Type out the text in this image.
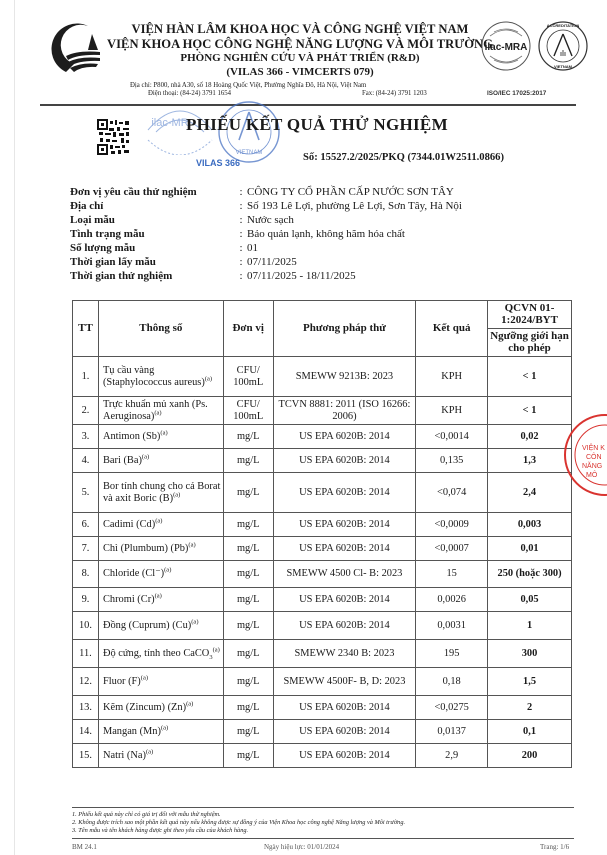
VIỆN HÀN LÂM KHOA HỌC VÀ CÔNG NGHỆ VIỆT NAM
VIỆN KHOA HỌC CÔNG NGHỆ NĂNG LƯỢNG VÀ MÔI TRƯỜNG
PHÒNG NGHIÊN CỨU VÀ PHÁT TRIỂN (R&D)
(VILAS 366 - VIMCERTS 079)
Địa chỉ: P800, nhà A30, số 18 Hoàng Quốc Việt, Phường Nghĩa Đô, Hà Nội, Việt Nam
Điện thoại: (84-24) 3791 1654	Fax: (84-24) 3791 1203
ilac-MRA
ACCREDITATION
VIETNAM
ISO/IEC 17025:2017
ilac-MR
VIETNAM
VILAS 366
PHIẾU KẾT QUẢ THỬ NGHIỆM
Số: 15527.2/2025/PKQ (7344.01W2511.0866)
Đơn vị yêu cầu thử nghiệm	: CÔNG TY CỔ PHẦN CẤP NƯỚC SƠN TÂY
Địa chỉ	: Số 193 Lê Lợi, phường Lê Lợi, Sơn Tây, Hà Nội
Loại mẫu	: Nước sạch
Tình trạng mẫu	: Bảo quản lạnh, không hãm hóa chất
Số lượng mẫu	: 01
Thời gian lấy mẫu	: 07/11/2025
Thời gian thử nghiệm	: 07/11/2025 - 18/11/2025
TT	Thông số	Đơn vị	Phương pháp thử	Kết quả	QCVN 01-1:2024/BYT
					Ngưỡng giới hạn cho phép
1.	Tụ cầu vàng (Staphylococcus aureus)$^{(a)}$	CFU/ 100mL	SMEWW 9213B: 2023	KPH	< 1
2.	Trực khuẩn mủ xanh (Ps. Aeruginosa)$^{(a)}$	CFU/ 100mL	TCVN 8881: 2011 (ISO 16266: 2006)	KPH	< 1
3.	Antimon $(Sb)^{(a)}$	mg/L	US EPA 6020B: 2014	<0,0014	0,02
4.	Bari $(Ba)^{(a)}$	mg/L	US EPA 6020B: 2014	0,135	1,3
5.	Bor tính chung cho cả Borat và axit Boric $(B)^{(a)}$	mg/L	US EPA 6020B: 2014	<0,074	2,4
6.	Cadimi $(Cd)^{(a)}$	mg/L	US EPA 6020B: 2014	<0,0009	0,003
7.	Chì (Plumbum) $(Pb)^{(a)}$	mg/L	US EPA 6020B: 2014	<0,0007	0,01
8.	Chloride $(Cl^-)^{(a)}$	mg/L	SMEWW 4500 Cl- B: 2023	15	250 (hoặc 300)
9.	Chromi $(Cr)^{(a)}$	mg/L	US EPA 6020B: 2014	0,0026	0,05
10.	Đồng (Cuprum) $(Cu)^{(a)}$	mg/L	US EPA 6020B: 2014	0,0031	1
11.	Độ cứng, tính theo CaCO$_3^{(a)}$	mg/L	SMEWW 2340 B: 2023	195	300
12.	Fluor $(F)^{(a)}$	mg/L	SMEWW 4500F- B, D: 2023	0,18	1,5
13.	Kẽm (Zincum) $(Zn)^{(a)}$	mg/L	US EPA 6020B: 2014	<0,0275	2
14.	Mangan $(Mn)^{(a)}$	mg/L	US EPA 6020B: 2014	0,0137	0,1
15.	Natri $(Na)^{(a)}$	mg/L	US EPA 6020B: 2014	2,9	200
VIỆN K
CÔN
NĂNG
MÔ
1. Phiếu kết quả này chỉ có giá trị đối với mẫu thử nghiệm.
2. Không được trích sao một phần kết quả này nếu không được sự đồng ý của Viện Khoa học công nghệ Năng lượng và Môi trường.
3. Tên mẫu và tên khách hàng được ghi theo yêu cầu của khách hàng.
BM 24.1	Ngày hiệu lực: 01/01/2024	Trang: 1/6
